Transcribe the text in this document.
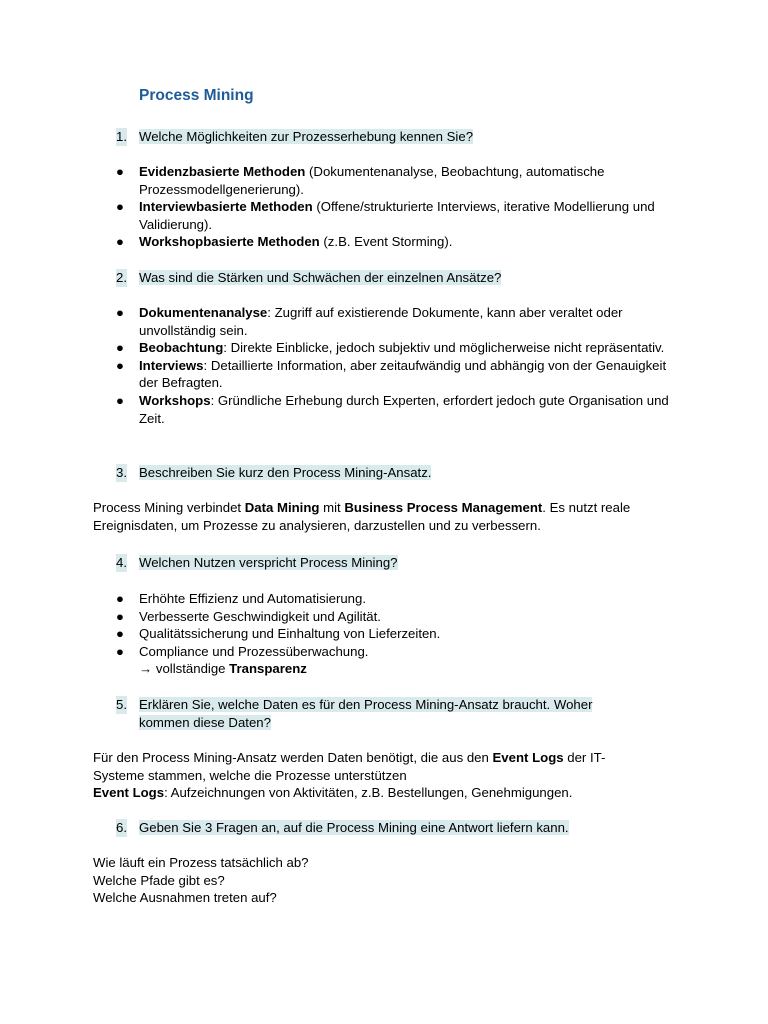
Process Mining
1. Welche Möglichkeiten zur Prozesserhebung kennen Sie?
● Evidenzbasierte Methoden (Dokumentenanalyse, Beobachtung, automatische Prozessmodellgenerierung).
● Interviewbasierte Methoden (Offene/strukturierte Interviews, iterative Modellierung und Validierung).
● Workshopbasierte Methoden (z.B. Event Storming).
2. Was sind die Stärken und Schwächen der einzelnen Ansätze?
● Dokumentenanalyse: Zugriff auf existierende Dokumente, kann aber veraltet oder unvollständig sein.
● Beobachtung: Direkte Einblicke, jedoch subjektiv und möglicherweise nicht repräsentativ.
● Interviews: Detaillierte Information, aber zeitaufwändig und abhängig von der Genauigkeit der Befragten.
● Workshops: Gründliche Erhebung durch Experten, erfordert jedoch gute Organisation und Zeit.
3. Beschreiben Sie kurz den Process Mining-Ansatz.
Process Mining verbindet Data Mining mit Business Process Management. Es nutzt reale Ereignisdaten, um Prozesse zu analysieren, darzustellen und zu verbessern.
4. Welchen Nutzen verspricht Process Mining?
● Erhöhte Effizienz und Automatisierung.
● Verbesserte Geschwindigkeit und Agilität.
● Qualitätssicherung und Einhaltung von Lieferzeiten.
● Compliance und Prozessüberwachung.
→ vollständige Transparenz
5. Erklären Sie, welche Daten es für den Process Mining-Ansatz braucht. Woher
kommen diese Daten?
Für den Process Mining-Ansatz werden Daten benötigt, die aus den Event Logs der IT-Systeme stammen, welche die Prozesse unterstützen
Event Logs: Aufzeichnungen von Aktivitäten, z.B. Bestellungen, Genehmigungen.
6. Geben Sie 3 Fragen an, auf die Process Mining eine Antwort liefern kann.
Wie läuft ein Prozess tatsächlich ab?
Welche Pfade gibt es?
Welche Ausnahmen treten auf?
